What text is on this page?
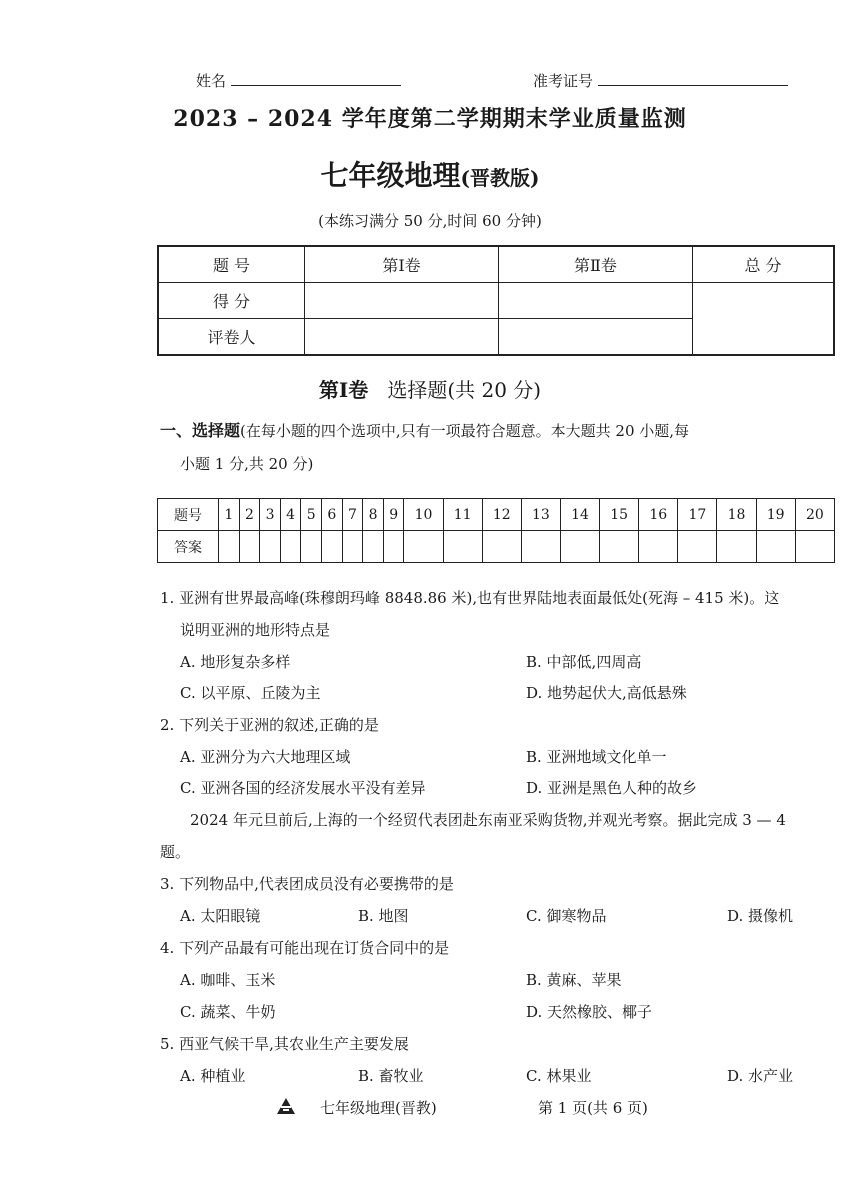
姓名	准考证号
2023 – 2024 学年度第二学期期末学业质量监测
七年级地理(晋教版)
(本练习满分 50 分,时间 60 分钟)
题 号	第Ⅰ卷	第Ⅱ卷	总 分
得 分			
评卷人			
第Ⅰ卷 选择题(共 20 分)
一、选择题(在每小题的四个选项中,只有一项最符合题意。本大题共 20 小题,每
小题 1 分,共 20 分)
题号	1	2	3	4	5	6	7	8	9	10	11	12	13	14	15	16	17	18	19	20
答案																				
1. 亚洲有世界最高峰(珠穆朗玛峰 8848.86 米),也有世界陆地表面最低处(死海 – 415 米)。这
说明亚洲的地形特点是
A. 地形复杂多样	B. 中部低,四周高
C. 以平原、丘陵为主	D. 地势起伏大,高低悬殊
2. 下列关于亚洲的叙述,正确的是
A. 亚洲分为六大地理区域	B. 亚洲地域文化单一
C. 亚洲各国的经济发展水平没有差异	D. 亚洲是黑色人种的故乡
2024 年元旦前后,上海的一个经贸代表团赴东南亚采购货物,并观光考察。据此完成 3 — 4
题。
3. 下列物品中,代表团成员没有必要携带的是
A. 太阳眼镜	B. 地图	C. 御寒物品	D. 摄像机
4. 下列产品最有可能出现在订货合同中的是
A. 咖啡、玉米	B. 黄麻、苹果
C. 蔬菜、牛奶	D. 天然橡胶、椰子
5. 西亚气候干旱,其农业生产主要发展
A. 种植业	B. 畜牧业	C. 林果业	D. 水产业
七年级地理(晋教)	第 1 页(共 6 页)
